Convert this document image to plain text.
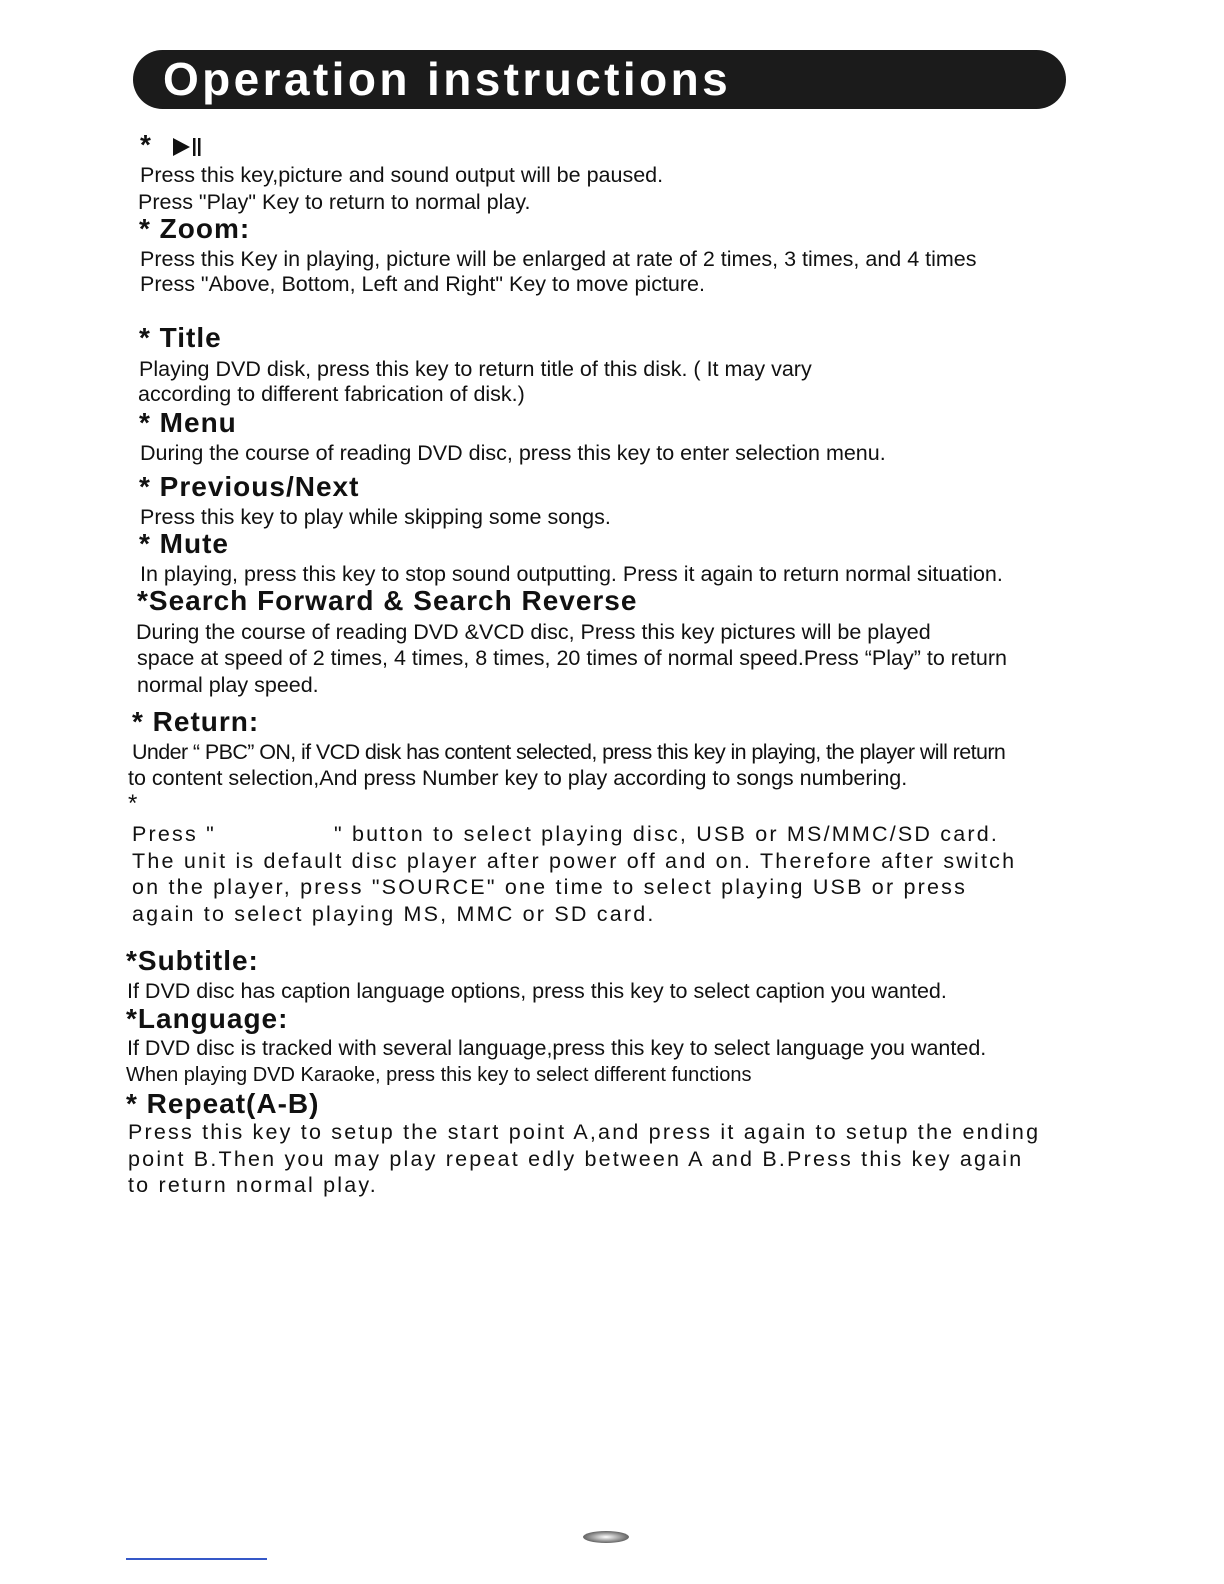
Operation instructions
*
Press this key,picture and sound output will be paused.
Press "Play" Key to return to normal play.
* Zoom:
Press this Key in playing, picture will be enlarged at rate of 2 times, 3 times, and 4 times
Press "Above, Bottom, Left and Right" Key to move picture.
* Title
Playing DVD disk, press this key to return title of this disk. ( It may vary
according to different fabrication of disk.)
* Menu
During the course of reading DVD disc, press this key to enter selection menu.
* Previous/Next
Press this key to play while skipping some songs.
* Mute
In playing, press this key to stop sound outputting. Press it again to return normal situation.
*Search Forward & Search Reverse
During the course of reading DVD &VCD disc, Press this key pictures will be played
space at speed of 2 times, 4 times, 8 times, 20 times of normal speed.Press “Play” to return
normal play speed.
* Return:
Under “ PBC” ON, if VCD disk has content selected, press this key in playing, the player will return
to content selection,And press Number key to play according to songs numbering.
*
Press "	" button to select playing disc, USB or MS/MMC/SD card.
The unit is default disc player after power off and on. Therefore after switch
on the player, press "SOURCE" one time to select playing USB or press
again to select playing MS, MMC or SD card.
*Subtitle:
If DVD disc has caption language options, press this key to select caption you wanted.
*Language:
If DVD disc is tracked with several language,press this key to select language you wanted.
When playing DVD Karaoke, press this key to select different functions
* Repeat(A-B)
Press this key to setup the start point A,and press it again to setup the ending
point B.Then you may play repeat edly between A and B.Press this key again
to return normal play.
